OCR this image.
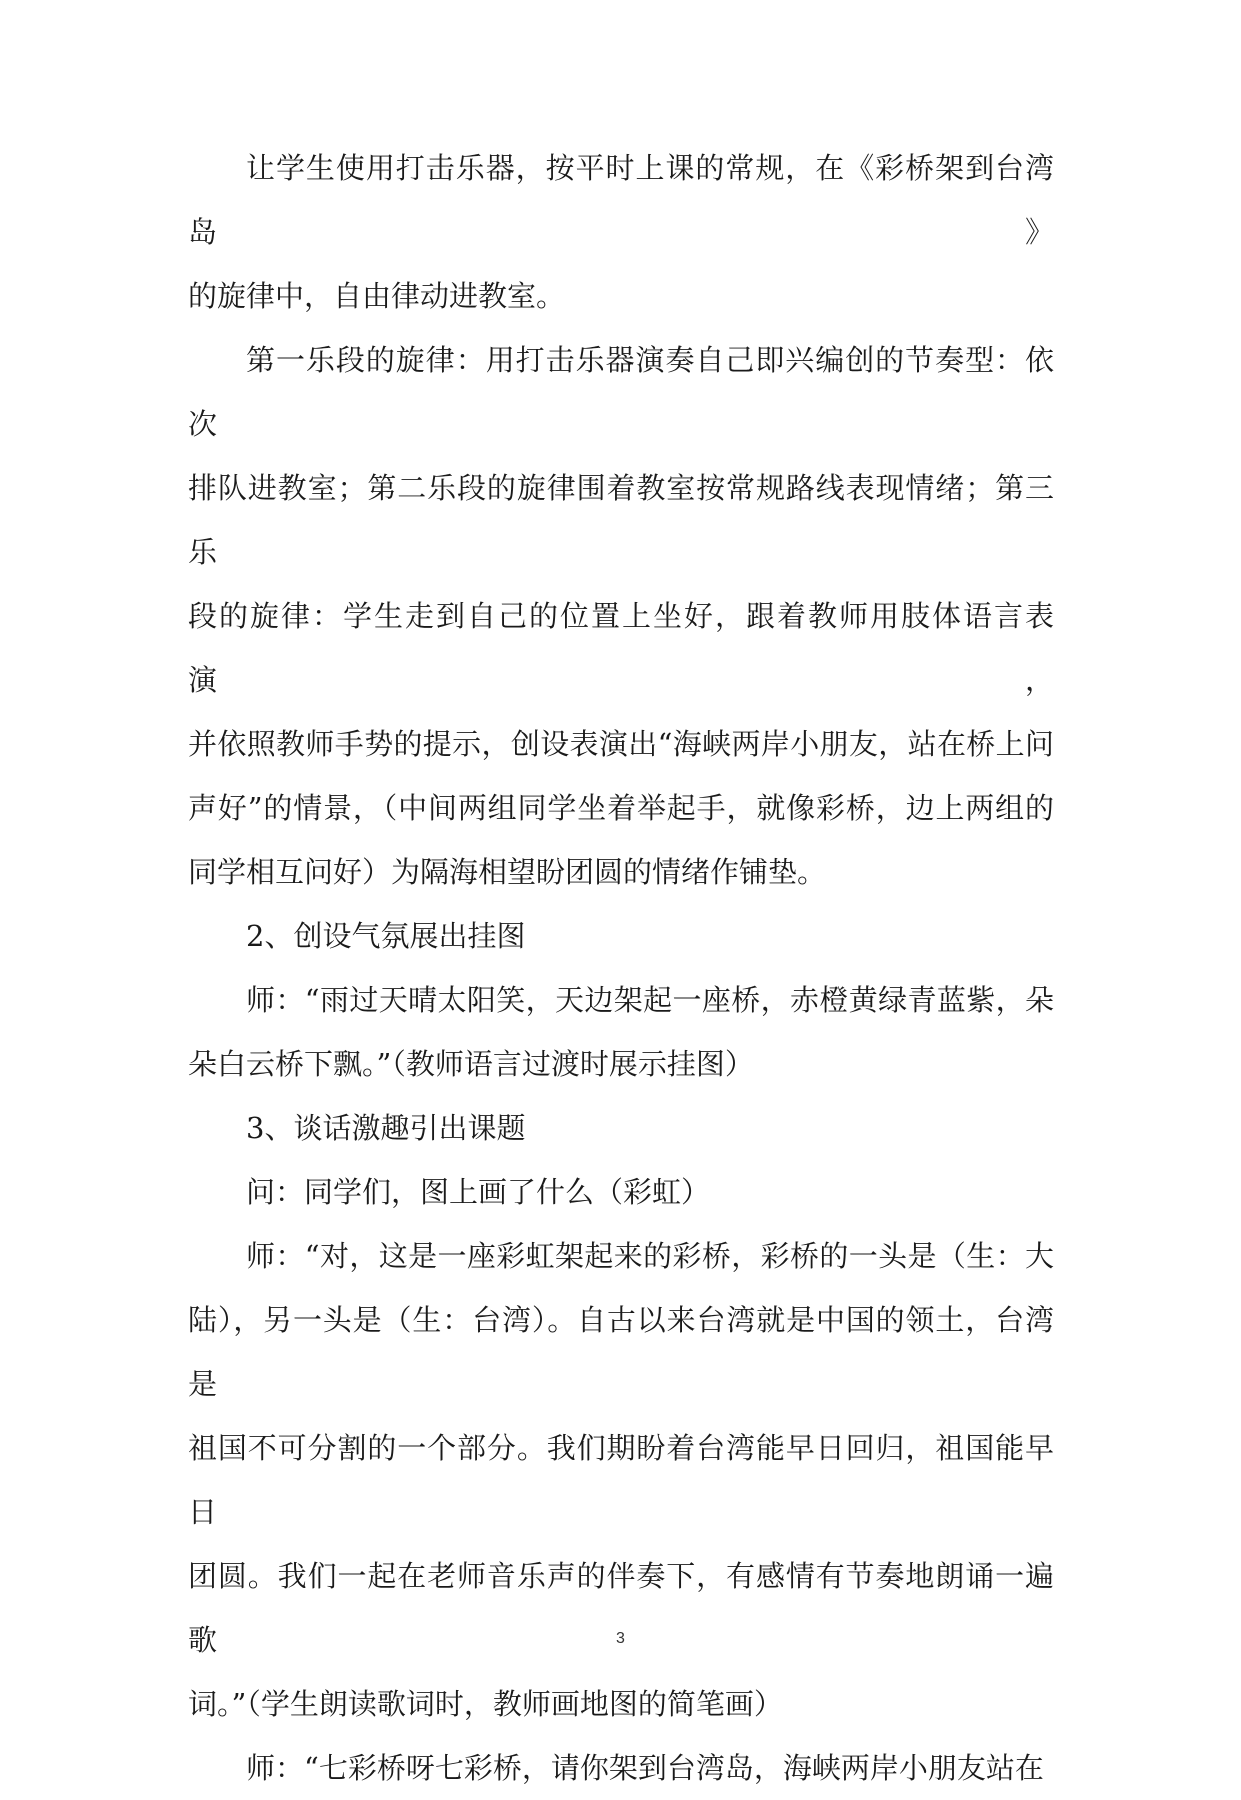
让学生使用打击乐器，按平时上课的常规，在《彩桥架到台湾岛》
的旋律中，自由律动进教室。
第一乐段的旋律：用打击乐器演奏自己即兴编创的节奏型：依次
排队进教室；第二乐段的旋律围着教室按常规路线表现情绪；第三乐
段的旋律：学生走到自己的位置上坐好，跟着教师用肢体语言表演，
并依照教师手势的提示，创设表演出“海峡两岸小朋友，站在桥上问
声好”的情景，（中间两组同学坐着举起手，就像彩桥，边上两组的
同学相互问好）为隔海相望盼团圆的情绪作铺垫。
2、创设气氛展出挂图
师：“雨过天晴太阳笑，天边架起一座桥，赤橙黄绿青蓝紫，朵
朵白云桥下飘。”（教师语言过渡时展示挂图）
3、谈话激趣引出课题
问：同学们，图上画了什么（彩虹）
师：“对，这是一座彩虹架起来的彩桥，彩桥的一头是（生：大
陆），另一头是（生：台湾）。自古以来台湾就是中国的领土，台湾是
祖国不可分割的一个部分。我们期盼着台湾能早日回归，祖国能早日
团圆。我们一起在老师音乐声的伴奏下，有感情有节奏地朗诵一遍歌
词。”（学生朗读歌词时，教师画地图的简笔画）
师：“七彩桥呀七彩桥，请你架到台湾岛，海峡两岸小朋友站在
3
